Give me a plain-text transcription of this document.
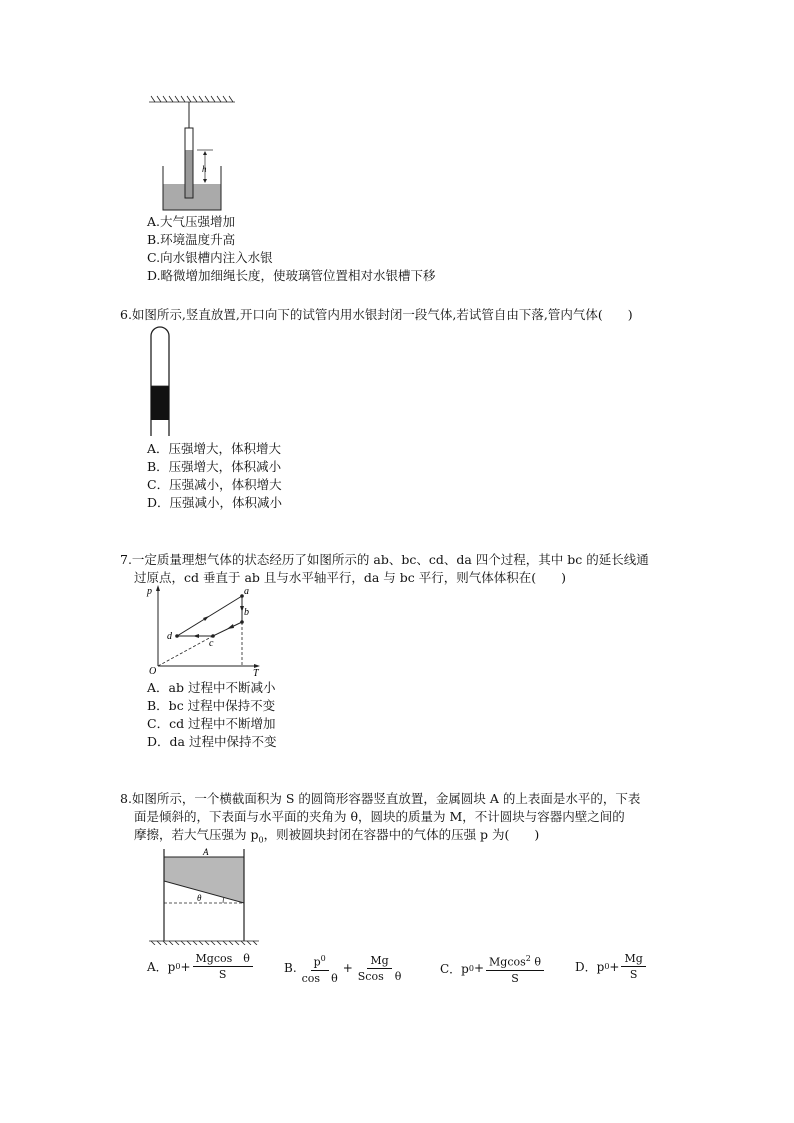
h
A.大气压强增加
B.环境温度升高
C.向水银槽内注入水银
D.略微增加细绳长度，使玻璃管位置相对水银槽下移
6.如图所示,竖直放置,开口向下的试管内用水银封闭一段气体,若试管自由下落,管内气体(　　)
A．压强增大，体积增大
B．压强增大，体积减小
C．压强减小，体积增大
D．压强减小，体积减小
7.一定质量理想气体的状态经历了如图所示的 ab、bc、cd、da 四个过程，其中 bc 的延长线通
过原点，cd 垂直于 ab 且与水平轴平行，da 与 bc 平行，则气体体积在(　　)
p
T
O
a
b
c
d
A．ab 过程中不断减小
B．bc 过程中保持不变
C．cd 过程中不断增加
D．da 过程中保持不变
8.如图所示，一个横截面积为 S 的圆筒形容器竖直放置，金属圆块 A 的上表面是水平的，下表
面是倾斜的，下表面与水平面的夹角为 θ，圆块的质量为 M，不计圆块与容器内壁之间的
摩擦，若大气压强为 $p_0$，则被圆块封闭在容器中的气体的压强 p 为(　　)
θ
A
A．p $0 + \frac{\text{Mgcos　θ}}{S}$	B. $\frac{p^0}{\text{cos　θ}} + \frac{Mg}{\text{Scos　θ}}$	C．p $0 + \frac{Mgcos^2 \theta}{S}$	D．p $0 + \frac{Mg}{S}$
